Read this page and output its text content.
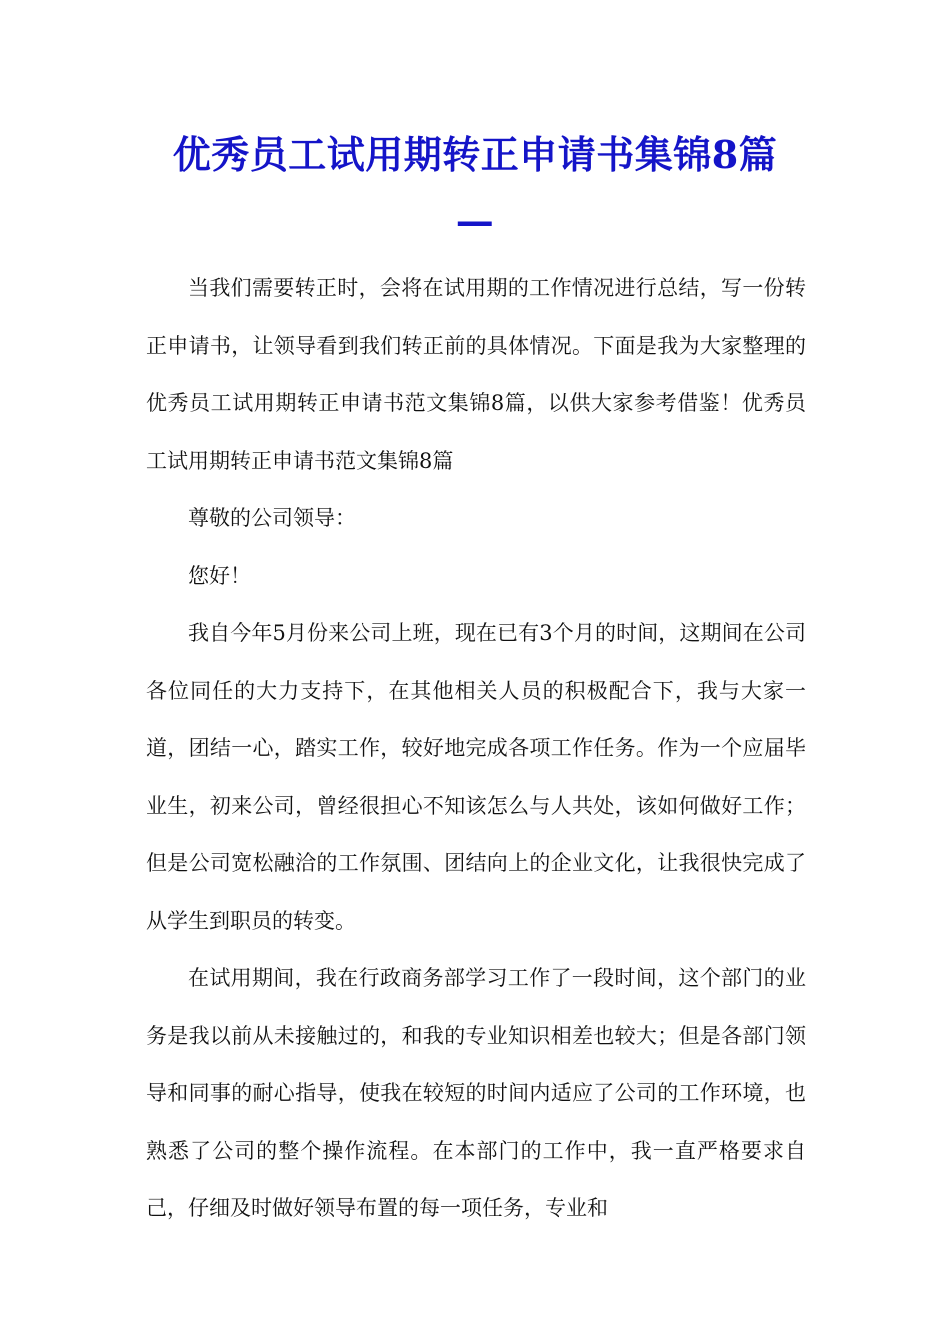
优秀员工试用期转正申请书集锦8篇
—

当我们需要转正时，会将在试用期的工作情况进行总结，写一份转正申请书，让领导看到我们转正前的具体情况。下面是我为大家整理的优秀员工试用期转正申请书范文集锦8篇，以供大家参考借鉴！优秀员工试用期转正申请书范文集锦8篇

尊敬的公司领导：

您好！

我自今年5月份来公司上班，现在已有3个月的时间，这期间在公司各位同任的大力支持下，在其他相关人员的积极配合下，我与大家一道，团结一心，踏实工作，较好地完成各项工作任务。作为一个应届毕业生，初来公司，曾经很担心不知该怎么与人共处，该如何做好工作；但是公司宽松融洽的工作氛围、团结向上的企业文化，让我很快完成了从学生到职员的转变。

在试用期间，我在行政商务部学习工作了一段时间，这个部门的业务是我以前从未接触过的，和我的专业知识相差也较大；但是各部门领导和同事的耐心指导，使我在较短的时间内适应了公司的工作环境，也熟悉了公司的整个操作流程。在本部门的工作中，我一直严格要求自己，仔细及时做好领导布置的每一项任务，专业和
